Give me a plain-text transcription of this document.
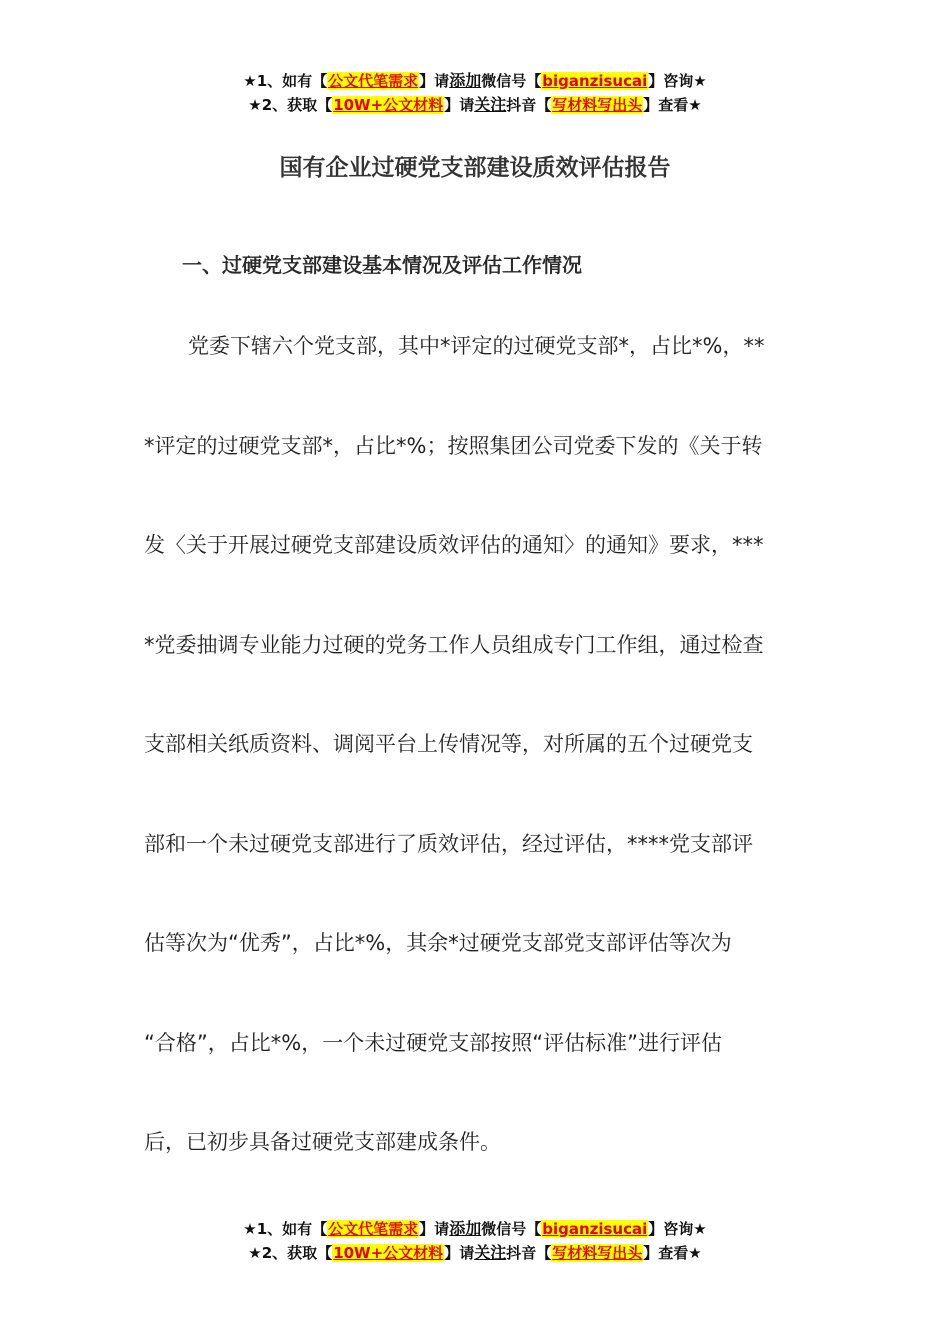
★1、如有【公文代笔需求】请添加微信号【biganzisucai】咨询★
★2、获取【10W+公文材料】请关注抖音【写材料写出头】查看★
国有企业过硬党支部建设质效评估报告
一、过硬党支部建设基本情况及评估工作情况
党委下辖六个党支部，其中*评定的过硬党支部*，占比*%，**
*评定的过硬党支部*，占比*%；按照集团公司党委下发的《关于转
发〈关于开展过硬党支部建设质效评估的通知〉的通知》要求，***
*党委抽调专业能力过硬的党务工作人员组成专门工作组，通过检查
支部相关纸质资料、调阅平台上传情况等，对所属的五个过硬党支
部和一个未过硬党支部进行了质效评估，经过评估，****党支部评
估等次为“优秀”，占比*%，其余*过硬党支部党支部评估等次为
“合格”，占比*%，一个未过硬党支部按照“评估标准”进行评估
后，已初步具备过硬党支部建成条件。
★1、如有【公文代笔需求】请添加微信号【biganzisucai】咨询★
★2、获取【10W+公文材料】请关注抖音【写材料写出头】查看★
